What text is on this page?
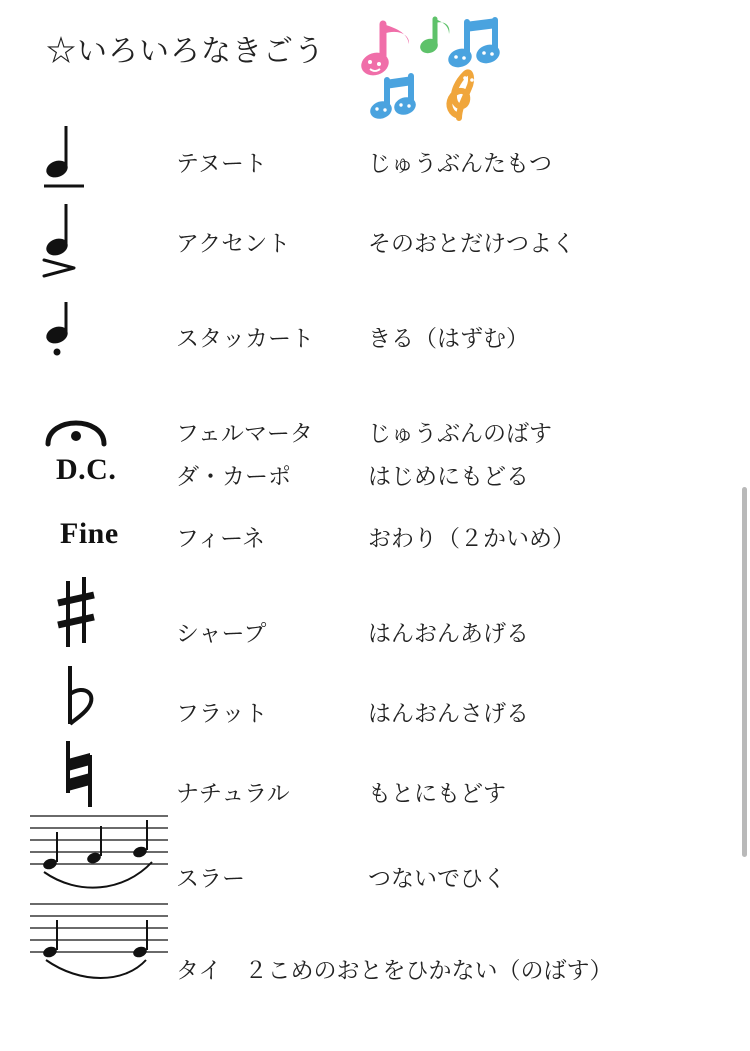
☆いろいろなきごう
テヌート	じゅうぶんたもつ
アクセント	そのおとだけつよく
スタッカート きる（はずむ）
フェルマータ じゅうぶんのばす
D.C.	ダ・カーポ	はじめにもどる
Fine	フィーネ	おわり（２かいめ）
シャープ	はんおんあげる
フラット	はんおんさげる
ナチュラル	もとにもどす
スラー	つないでひく
タイ　２こめのおとをひかない（のばす）
